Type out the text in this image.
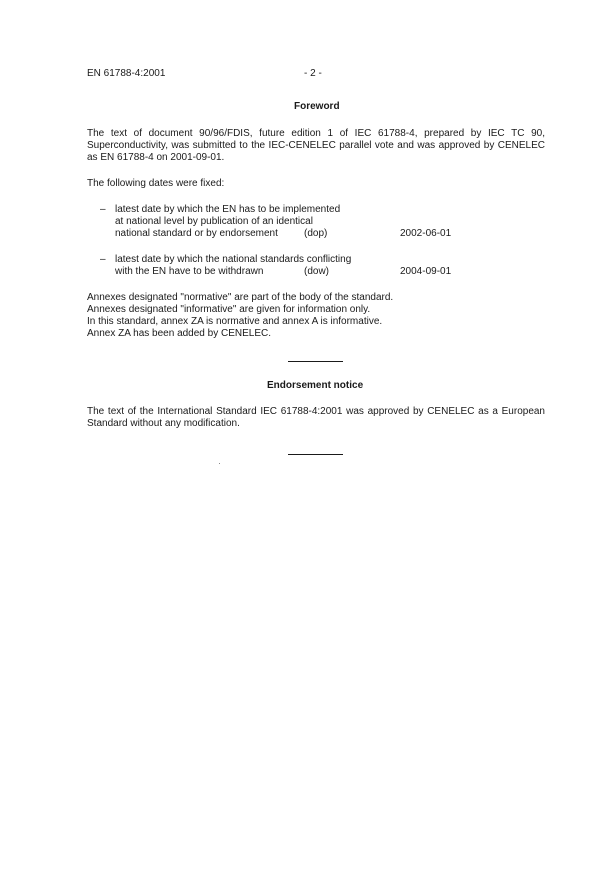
EN 61788-4:2001	- 2 -
Foreword
The text of document 90/96/FDIS, future edition 1 of IEC 61788-4, prepared by IEC TC 90,
Superconductivity, was submitted to the IEC-CENELEC parallel vote and was approved by CENELEC
as EN 61788-4 on 2001-09-01.
The following dates were fixed:
– latest date by which the EN has to be implemented
at national level by publication of an identical
national standard or by endorsement	(dop)	2002-06-01
– latest date by which the national standards conflicting
with the EN have to be withdrawn	(dow)	2004-09-01
Annexes designated "normative" are part of the body of the standard.
Annexes designated "informative" are given for information only.
In this standard, annex ZA is normative and annex A is informative.
Annex ZA has been added by CENELEC.
Endorsement notice
The text of the International Standard IEC 61788-4:2001 was approved by CENELEC as a European
Standard without any modification.
